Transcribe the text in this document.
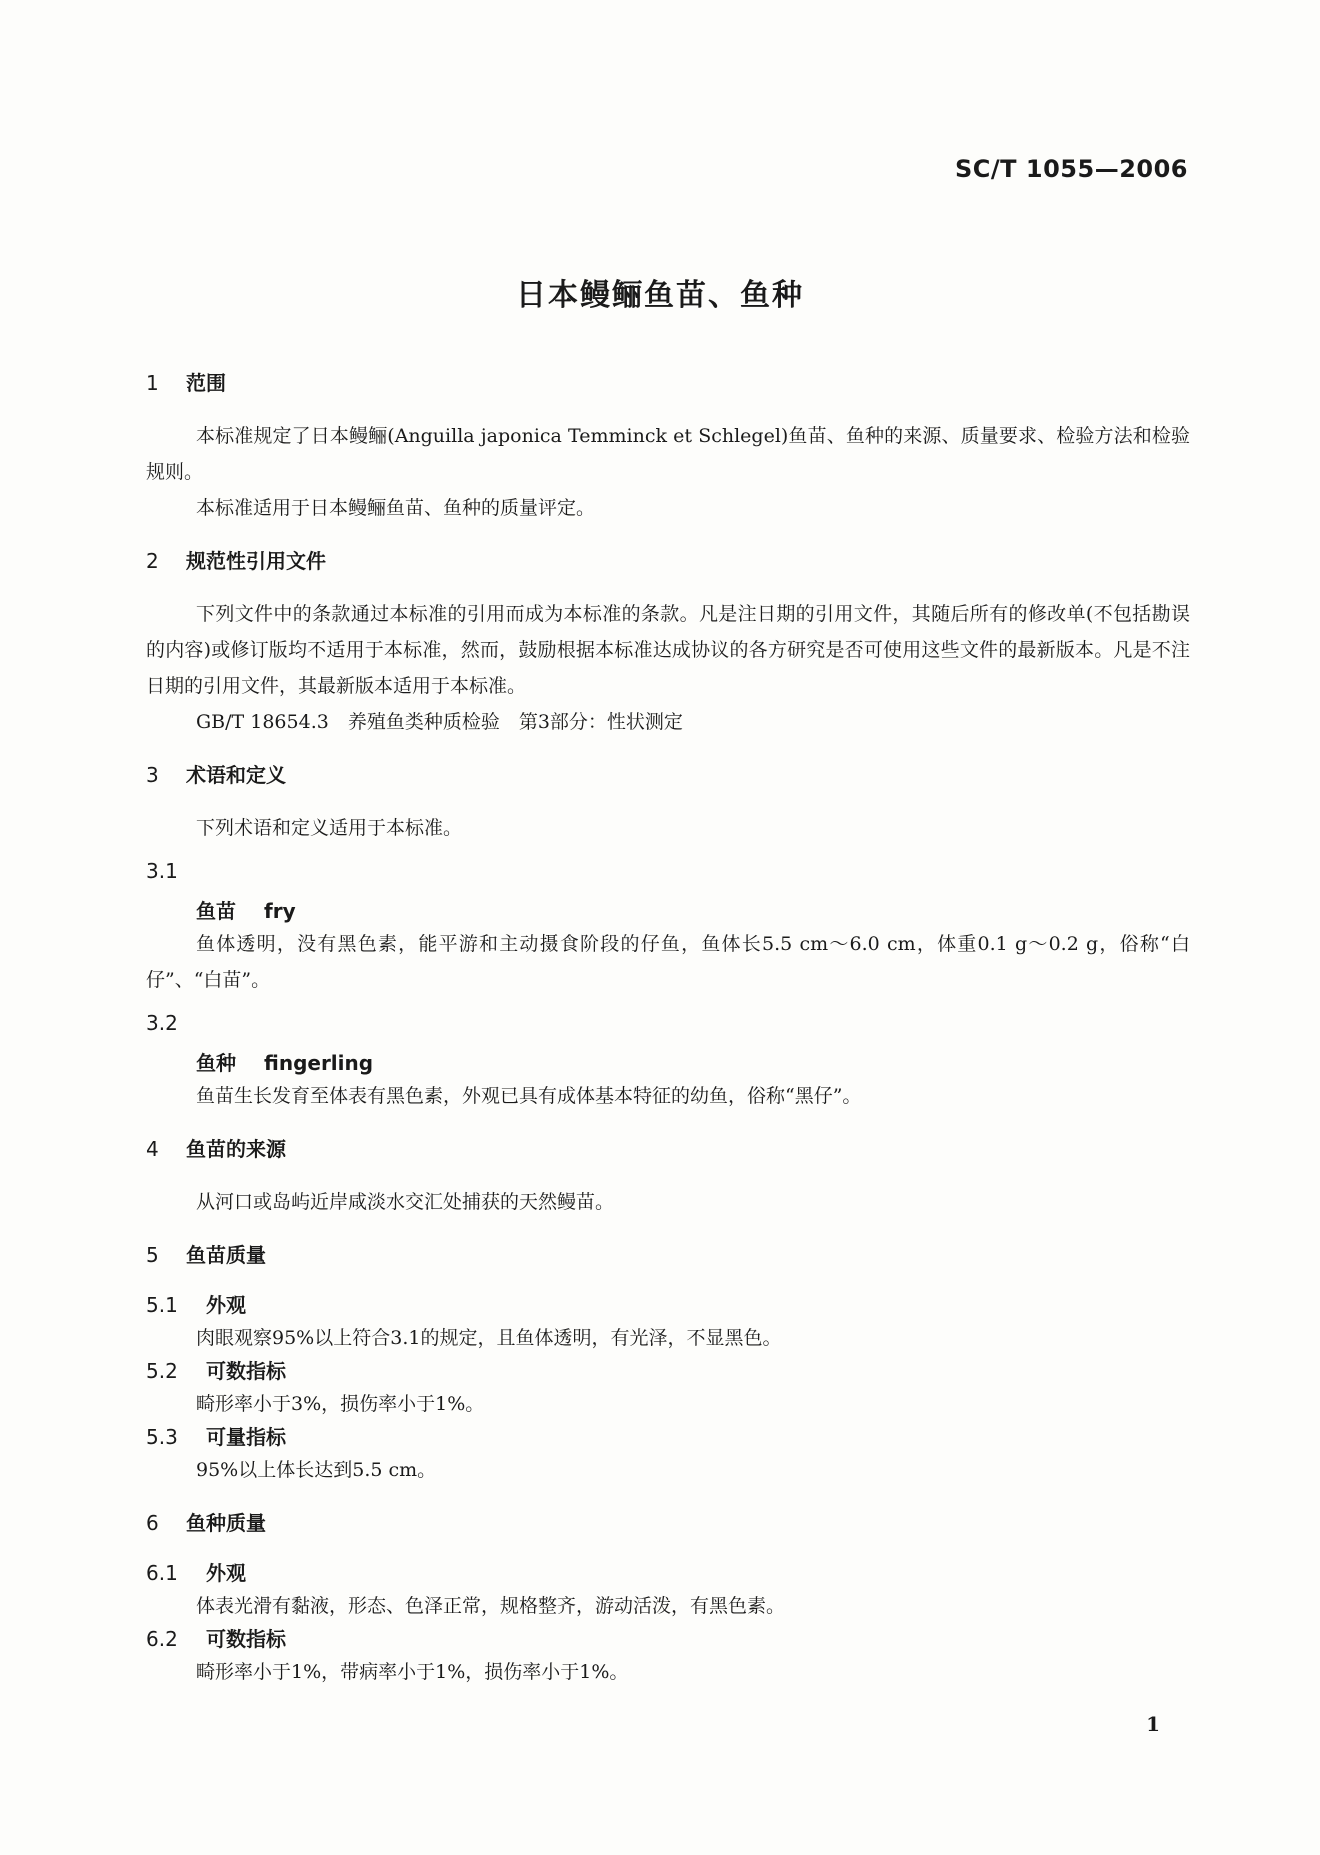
SC/T 1055—2006
日本鳗鲡鱼苗、鱼种
1 范围

本标准规定了日本鳗鲡(Anguilla japonica Temminck et Schlegel)鱼苗、鱼种的来源、质量要求、检验方法和检验规则。

本标准适用于日本鳗鲡鱼苗、鱼种的质量评定。

2 规范性引用文件

下列文件中的条款通过本标准的引用而成为本标准的条款。凡是注日期的引用文件，其随后所有的修改单(不包括勘误的内容)或修订版均不适用于本标准，然而，鼓励根据本标准达成协议的各方研究是否可使用这些文件的最新版本。凡是不注日期的引用文件，其最新版本适用于本标准。

GB/T 18654.3　养殖鱼类种质检验　第3部分：性状测定

3 术语和定义

下列术语和定义适用于本标准。

3.1

鱼苗 fry

鱼体透明，没有黑色素，能平游和主动摄食阶段的仔鱼，鱼体长5.5 cm～6.0 cm，体重0.1 g～0.2 g，俗称“白仔”、“白苗”。

3.2

鱼种 fingerling

鱼苗生长发育至体表有黑色素，外观已具有成体基本特征的幼鱼，俗称“黑仔”。

4 鱼苗的来源

从河口或岛屿近岸咸淡水交汇处捕获的天然鳗苗。

5 鱼苗质量
5.1 外观

肉眼观察95%以上符合3.1的规定，且鱼体透明，有光泽，不显黑色。

5.2 可数指标

畸形率小于3%，损伤率小于1%。

5.3 可量指标

95%以上体长达到5.5 cm。

6 鱼种质量
6.1 外观

体表光滑有黏液，形态、色泽正常，规格整齐，游动活泼，有黑色素。

6.2 可数指标

畸形率小于1%，带病率小于1%，损伤率小于1%。

1
